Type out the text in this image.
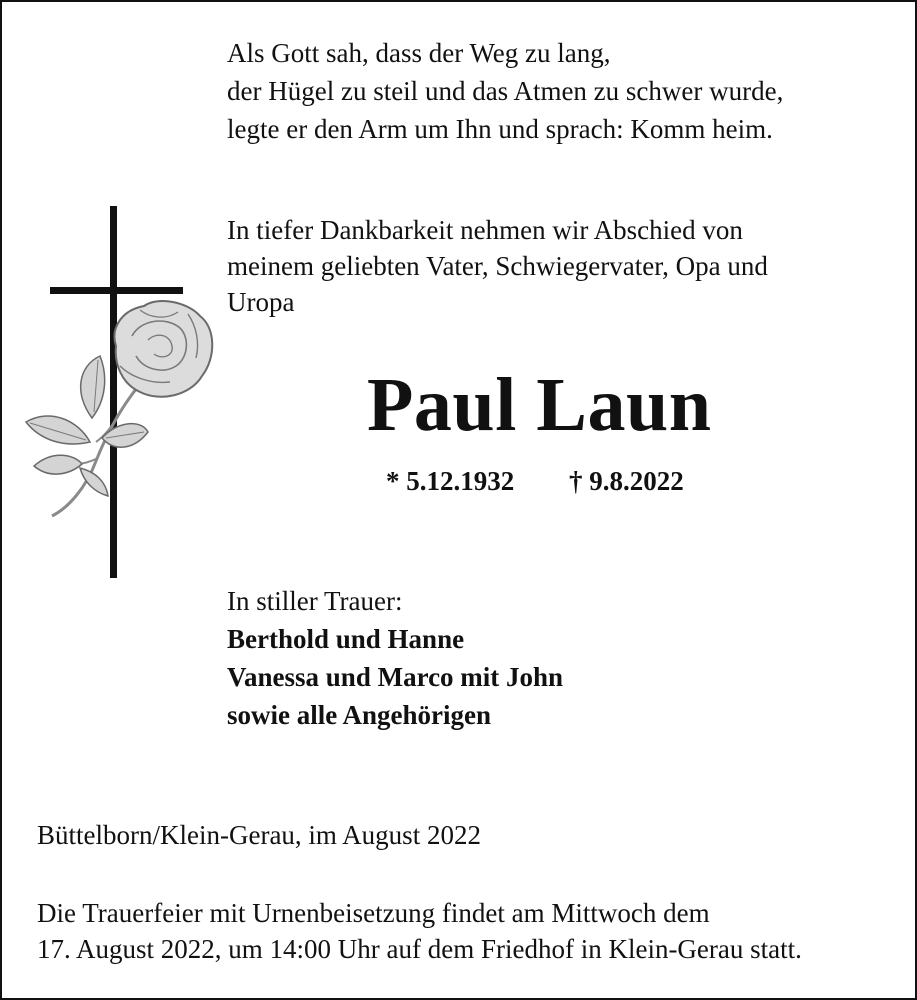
Als Gott sah, dass der Weg zu lang,
der Hügel zu steil und das Atmen zu schwer wurde,
legte er den Arm um Ihn und sprach: Komm heim.
In tiefer Dankbarkeit nehmen wir Abschied von
meinem geliebten Vater, Schwiegervater, Opa und
Uropa
Paul Laun
* 5.12.1932 † 9.8.2022
In stiller Trauer:
Berthold und Hanne
Vanessa und Marco mit John
sowie alle Angehörigen
Büttelborn/Klein-Gerau, im August 2022
Die Trauerfeier mit Urnenbeisetzung findet am Mittwoch dem
17. August 2022, um 14:00 Uhr auf dem Friedhof in Klein-Gerau statt.
